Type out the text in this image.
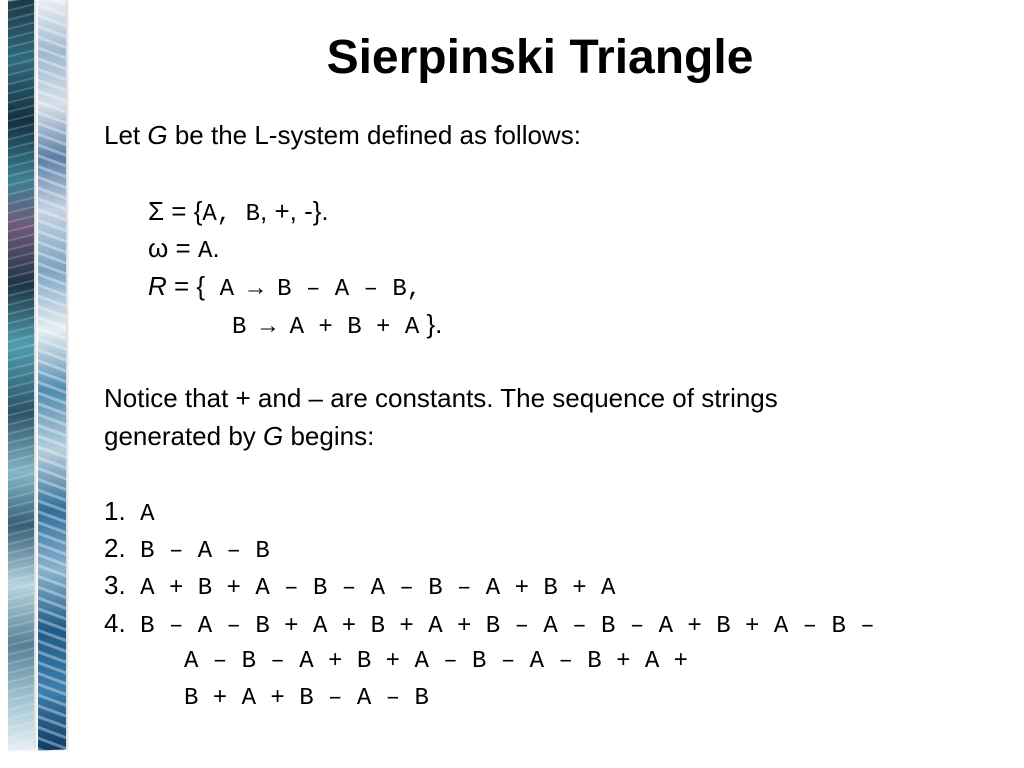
Sierpinski Triangle
Let G be the L-system defined as follows:
Σ = {A, B, +, -}.
ω = A.
R = { A → B – A – B,
B → A + B + A }.
Notice that + and – are constants. The sequence of strings
generated by G begins:
1. A
2. B – A – B
3. A + B + A – B – A – B – A + B + A
4. B – A – B + A + B + A + B – A – B – A + B + A – B –
A – B – A + B + A – B – A – B + A +
B + A + B – A – B
